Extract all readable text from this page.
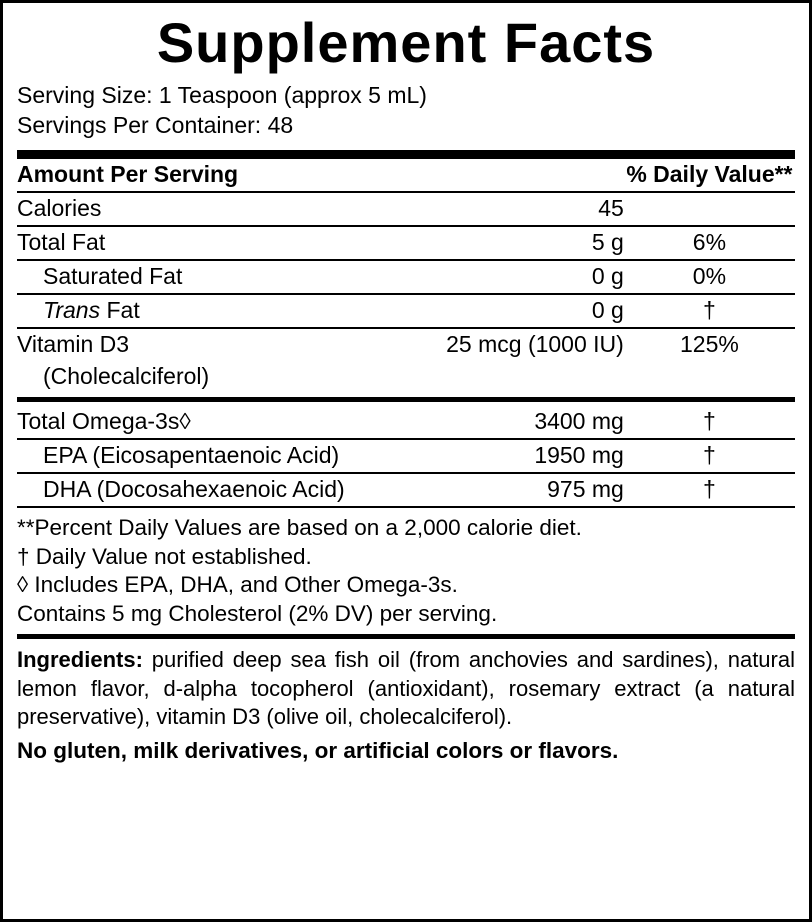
Supplement Facts
Serving Size: 1 Teaspoon (approx 5 mL)
Servings Per Container: 48
Amount Per Serving		% Daily Value**
Calories	45	
Total Fat	5 g	6%
Saturated Fat	0 g	0%
Trans Fat	0 g	†
Vitamin D3	25 mcg (1000 IU)	125%
(Cholecalciferol)		
Total Omega-3s◊	3400 mg	†
EPA (Eicosapentaenoic Acid)	1950 mg	†
DHA (Docosahexaenoic Acid)	975 mg	†
**Percent Daily Values are based on a 2,000 calorie diet.
† Daily Value not established.
◊ Includes EPA, DHA, and Other Omega-3s.
Contains 5 mg Cholesterol (2% DV) per serving.
Ingredients: purified deep sea fish oil (from anchovies and sardines), natural lemon flavor, d-alpha tocopherol (antioxidant), rosemary extract (a natural preservative), vitamin D3 (olive oil, cholecalciferol).
No gluten, milk derivatives, or artificial colors or flavors.
